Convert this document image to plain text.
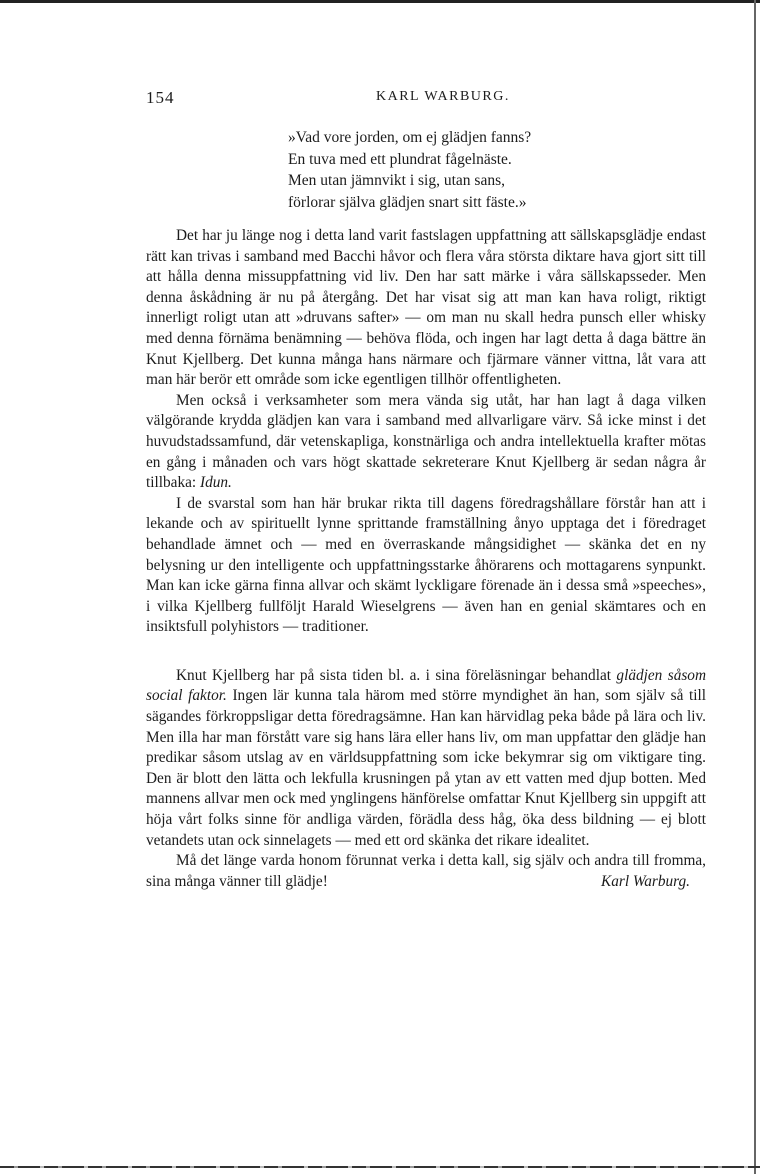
154	KARL WARBURG.
»Vad vore jorden, om ej glädjen fanns?
En tuva med ett plundrat fågelnäste.
Men utan jämnvikt i sig, utan sans,
förlorar själva glädjen snart sitt fäste.»

Det har ju länge nog i detta land varit fastslagen uppfattning att sällskapsglädje endast rätt kan trivas i samband med Bacchi håvor och flera våra största diktare hava gjort sitt till att hålla denna missuppfattning vid liv. Den har satt märke i våra sällskapsseder. Men denna åskådning är nu på återgång. Det har visat sig att man kan hava roligt, riktigt innerligt roligt utan att »druvans safter» — om man nu skall hedra punsch eller whisky med denna förnäma benämning — behöva flöda, och ingen har lagt detta å daga bättre än Knut Kjellberg. Det kunna många hans närmare och fjärmare vänner vittna, låt vara att man här berör ett område som icke egentligen tillhör offentligheten.

Men också i verksamheter som mera vända sig utåt, har han lagt å daga vilken välgörande krydda glädjen kan vara i samband med allvarligare värv. Så icke minst i det huvudstadssamfund, där vetenskapliga, konstnärliga och andra intellektuella krafter mötas en gång i månaden och vars högt skattade sekreterare Knut Kjellberg är sedan några år tillbaka: Idun.

I de svarstal som han här brukar rikta till dagens föredragshållare förstår han att i lekande och av spirituellt lynne sprittande framställning ånyo upptaga det i föredraget behandlade ämnet och — med en överraskande mångsidighet — skänka det en ny belysning ur den intelligente och uppfattningsstarke åhörarens och mottagarens synpunkt. Man kan icke gärna finna allvar och skämt lyckligare förenade än i dessa små »speeches», i vilka Kjellberg fullföljt Harald Wieselgrens — även han en genial skämtares och en insiktsfull polyhistors — traditioner.

Knut Kjellberg har på sista tiden bl. a. i sina föreläsningar behandlat glädjen såsom social faktor. Ingen lär kunna tala härom med större myndighet än han, som själv så till sägandes förkroppsligar detta föredragsämne. Han kan härvidlag peka både på lära och liv. Men illa har man förstått vare sig hans lära eller hans liv, om man uppfattar den glädje han predikar såsom utslag av en världsuppfattning som icke bekymrar sig om viktigare ting. Den är blott den lätta och lekfulla krusningen på ytan av ett vatten med djup botten. Med mannens allvar men ock med ynglingens hänförelse omfattar Knut Kjellberg sin uppgift att höja vårt folks sinne för andliga värden, förädla dess håg, öka dess bildning — ej blott vetandets utan ock sinnelagets — med ett ord skänka det rikare idealitet.

Må det länge varda honom förunnat verka i detta kall, sig själv och andra till fromma, sina många vänner till glädje!	Karl Warburg.
